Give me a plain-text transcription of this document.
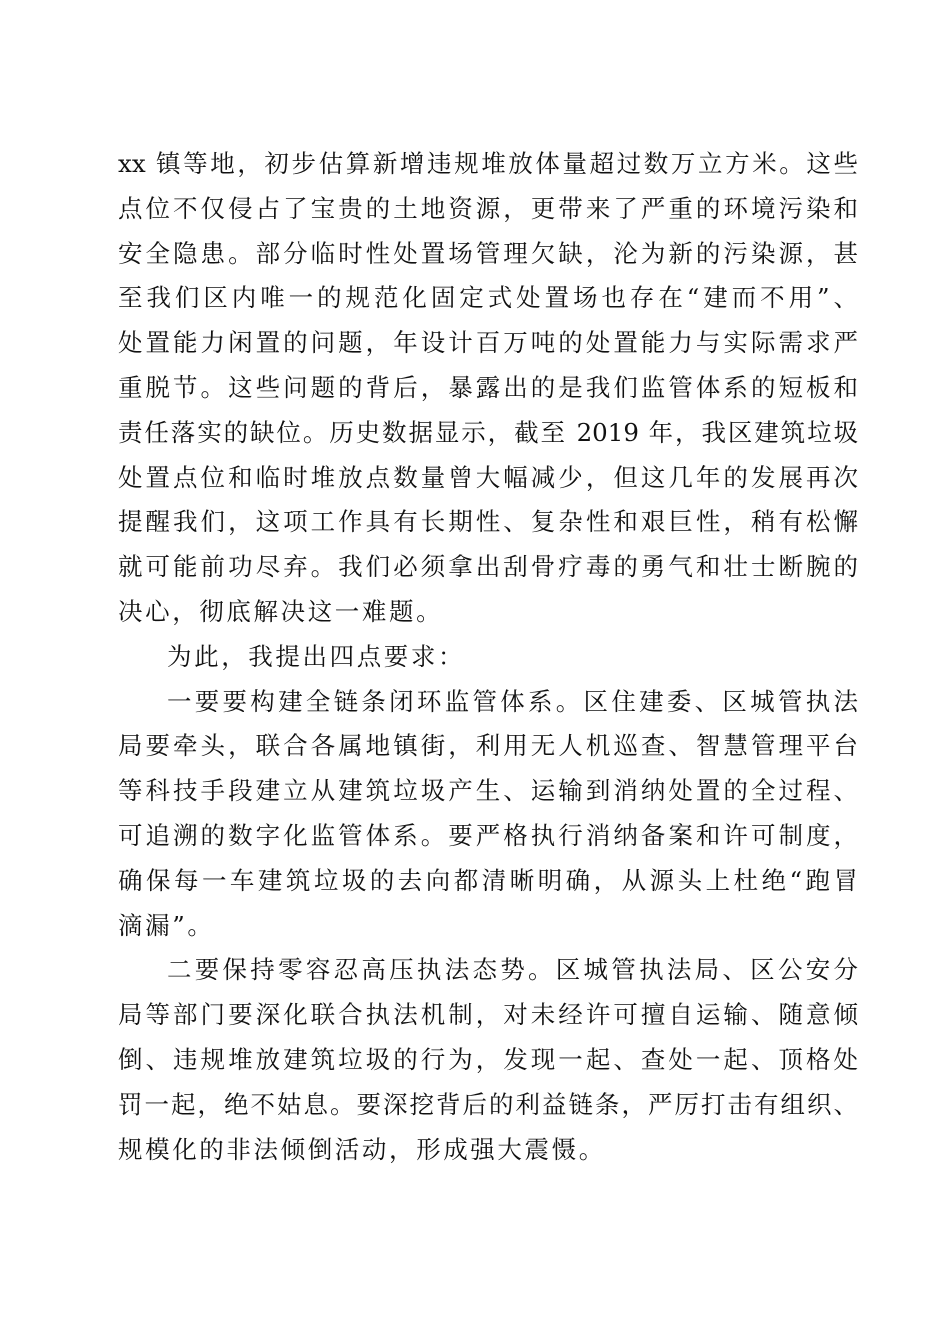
xx 镇等地，初步估算新增违规堆放体量超过数万立方米。这些
点位不仅侵占了宝贵的土地资源，更带来了严重的环境污染和
安全隐患。部分临时性处置场管理欠缺，沦为新的污染源，甚
至我们区内唯一的规范化固定式处置场也存在“建而不用”、
处置能力闲置的问题，年设计百万吨的处置能力与实际需求严
重脱节。这些问题的背后，暴露出的是我们监管体系的短板和
责任落实的缺位。历史数据显示，截至 2019 年，我区建筑垃圾
处置点位和临时堆放点数量曾大幅减少，但这几年的发展再次
提醒我们，这项工作具有长期性、复杂性和艰巨性，稍有松懈
就可能前功尽弃。我们必须拿出刮骨疗毒的勇气和壮士断腕的
决心，彻底解决这一难题。
为此，我提出四点要求：
一要要构建全链条闭环监管体系。区住建委、区城管执法
局要牵头，联合各属地镇街，利用无人机巡查、智慧管理平台
等科技手段建立从建筑垃圾产生、运输到消纳处置的全过程、
可追溯的数字化监管体系。要严格执行消纳备案和许可制度，
确保每一车建筑垃圾的去向都清晰明确，从源头上杜绝“跑冒
滴漏”。
二要保持零容忍高压执法态势。区城管执法局、区公安分
局等部门要深化联合执法机制，对未经许可擅自运输、随意倾
倒、违规堆放建筑垃圾的行为，发现一起、查处一起、顶格处
罚一起，绝不姑息。要深挖背后的利益链条，严厉打击有组织、
规模化的非法倾倒活动，形成强大震慑。
